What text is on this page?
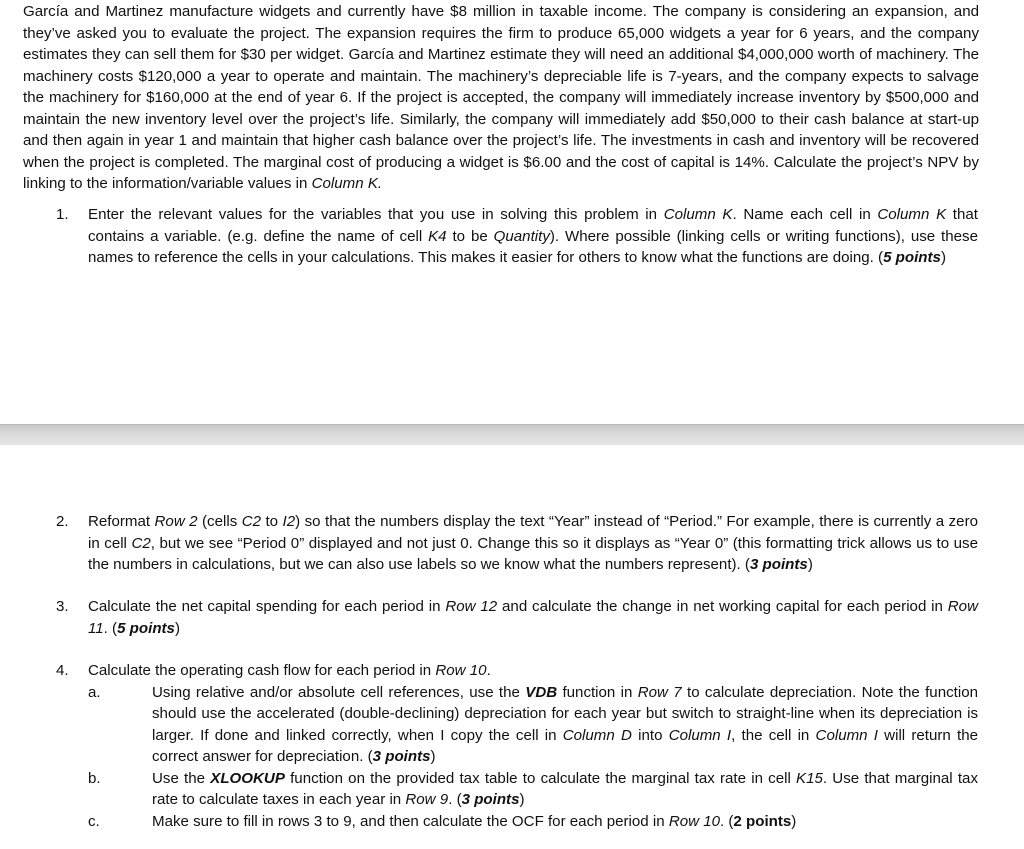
García and Martinez manufacture widgets and currently have $8 million in taxable income. The company is considering an expansion, and they’ve asked you to evaluate the project. The expansion requires the firm to produce 65,000 widgets a year for 6 years, and the company estimates they can sell them for $30 per widget. García and Martinez estimate they will need an additional $4,000,000 worth of machinery. The machinery costs $120,000 a year to operate and maintain. The machinery’s depreciable life is 7-years, and the company expects to salvage the machinery for $160,000 at the end of year 6. If the project is accepted, the company will immediately increase inventory by $500,000 and maintain the new inventory level over the project’s life. Similarly, the company will immediately add $50,000 to their cash balance at start-up and then again in year 1 and maintain that higher cash balance over the project’s life. The investments in cash and inventory will be recovered when the project is completed. The marginal cost of producing a widget is $6.00 and the cost of capital is 14%. Calculate the project’s NPV by linking to the information/variable values in Column K.

1.	Enter the relevant values for the variables that you use in solving this problem in Column K. Name each cell in Column K that contains a variable. (e.g. define the name of cell K4 to be Quantity). Where possible (linking cells or writing functions), use these names to reference the cells in your calculations. This makes it easier for others to know what the functions are doing. (5 points)

2.	Reformat Row 2 (cells C2 to I2) so that the numbers display the text “Year” instead of “Period.” For example, there is currently a zero in cell C2, but we see “Period 0” displayed and not just 0. Change this so it displays as “Year 0” (this formatting trick allows us to use the numbers in calculations, but we can also use labels so we know what the numbers represent). (3 points)

3.	Calculate the net capital spending for each period in Row 12 and calculate the change in net working capital for each period in Row 11. (5 points)

4.	Calculate the operating cash flow for each period in Row 10.

a.	Using relative and/or absolute cell references, use the VDB function in Row 7 to calculate depreciation. Note the function should use the accelerated (double-declining) depreciation for each year but switch to straight-line when its depreciation is larger. If done and linked correctly, when I copy the cell in Column D into Column I, the cell in Column I will return the correct answer for depreciation. (3 points)

b.	Use the XLOOKUP function on the provided tax table to calculate the marginal tax rate in cell K15. Use that marginal tax rate to calculate taxes in each year in Row 9. (3 points)

c.	Make sure to fill in rows 3 to 9, and then calculate the OCF for each period in Row 10. (2 points)
